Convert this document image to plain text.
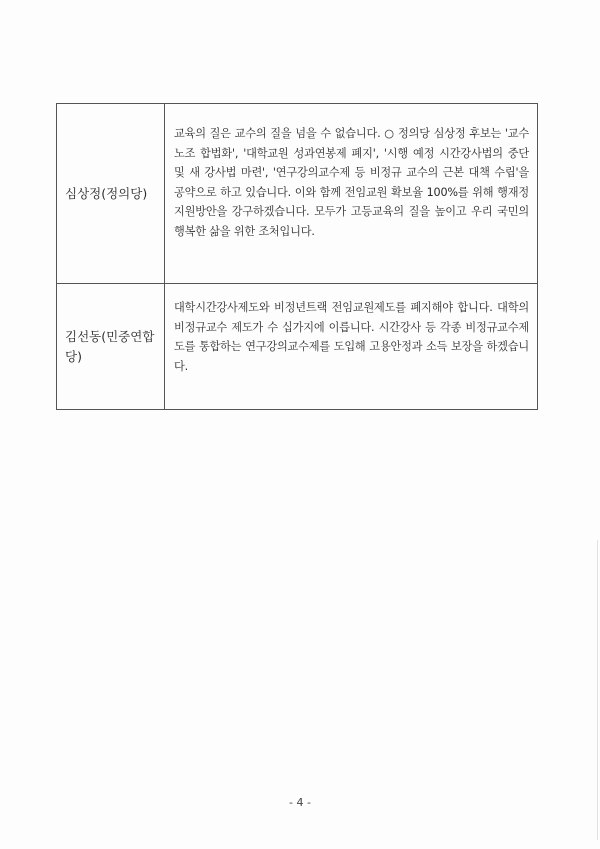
심상정(정의당)
교육의 질은 교수의 질을 넘을 수 없습니다. ○ 정의당 심상정 후보는 '교수노조 합법화', '대학교원 성과연봉제 폐지', '시행 예정 시간강사법의 중단 및 새 강사법 마련', '연구강의교수제 등 비정규 교수의 근본 대책 수립'을 공약으로 하고 있습니다. 이와 함께 전임교원 확보율 100%를 위해 행재정 지원방안을 강구하겠습니다. 모두가 고등교육의 질을 높이고 우리 국민의 행복한 삶을 위한 조처입니다.
김선동(민중연합당)
대학시간강사제도와 비정년트랙 전임교원제도를 폐지해야 합니다. 대학의 비정규교수 제도가 수 십가지에 이릅니다. 시간강사 등 각종 비정규교수제도를 통합하는 연구강의교수제를 도입해 고용안정과 소득 보장을 하겠습니다.
- 4 -
